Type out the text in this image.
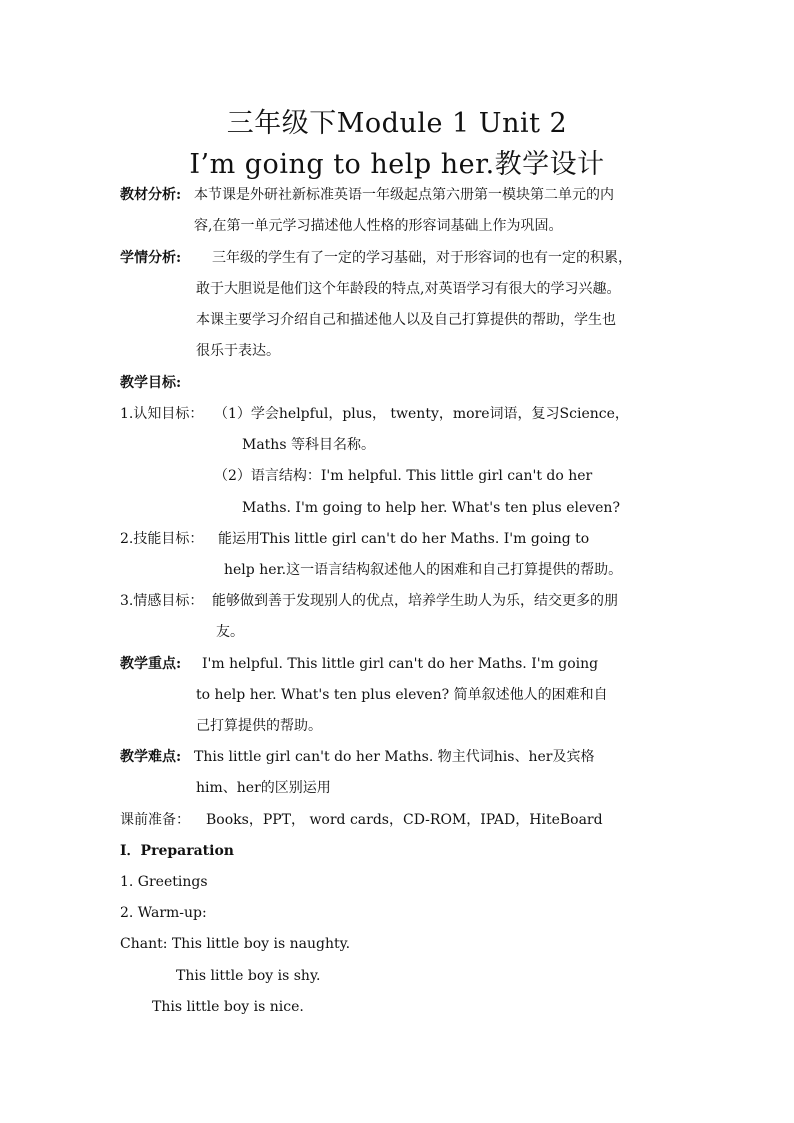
三年级下Module 1 Unit 2
I’m going to help her.教学设计
教材分析: 本节课是外研社新标准英语一年级起点第六册第一模块第二单元的内
容,在第一单元学习描述他人性格的形容词基础上作为巩固。
学情分析: 三年级的学生有了一定的学习基础，对于形容词的也有一定的积累，
敢于大胆说是他们这个年龄段的特点,对英语学习有很大的学习兴趣。
本课主要学习介绍自己和描述他人以及自己打算提供的帮助，学生也
很乐于表达。
教学目标:
1.认知目标： （1）学会helpful，plus， twenty，more词语，复习Science，
Maths 等科目名称。
（2）语言结构：I'm helpful. This little girl can't do her
Maths. I'm going to help her. What's ten plus eleven?
2.技能目标： 能运用This little girl can't do her Maths. I'm going to
help her.这一语言结构叙述他人的困难和自己打算提供的帮助。
3.情感目标： 能够做到善于发现别人的优点，培养学生助人为乐，结交更多的朋
友。
教学重点: I'm helpful. This little girl can't do her Maths. I'm going
to help her. What's ten plus eleven? 简单叙述他人的困难和自
己打算提供的帮助。
教学难点: This little girl can't do her Maths. 物主代词his、her及宾格
him、her的区别运用
课前准备： Books，PPT， word cards，CD-ROM，IPAD，HiteBoard
Ⅰ．Preparation
1. Greetings
2. Warm-up:
Chant: This little boy is naughty.
This little boy is shy.
This little boy is nice.
